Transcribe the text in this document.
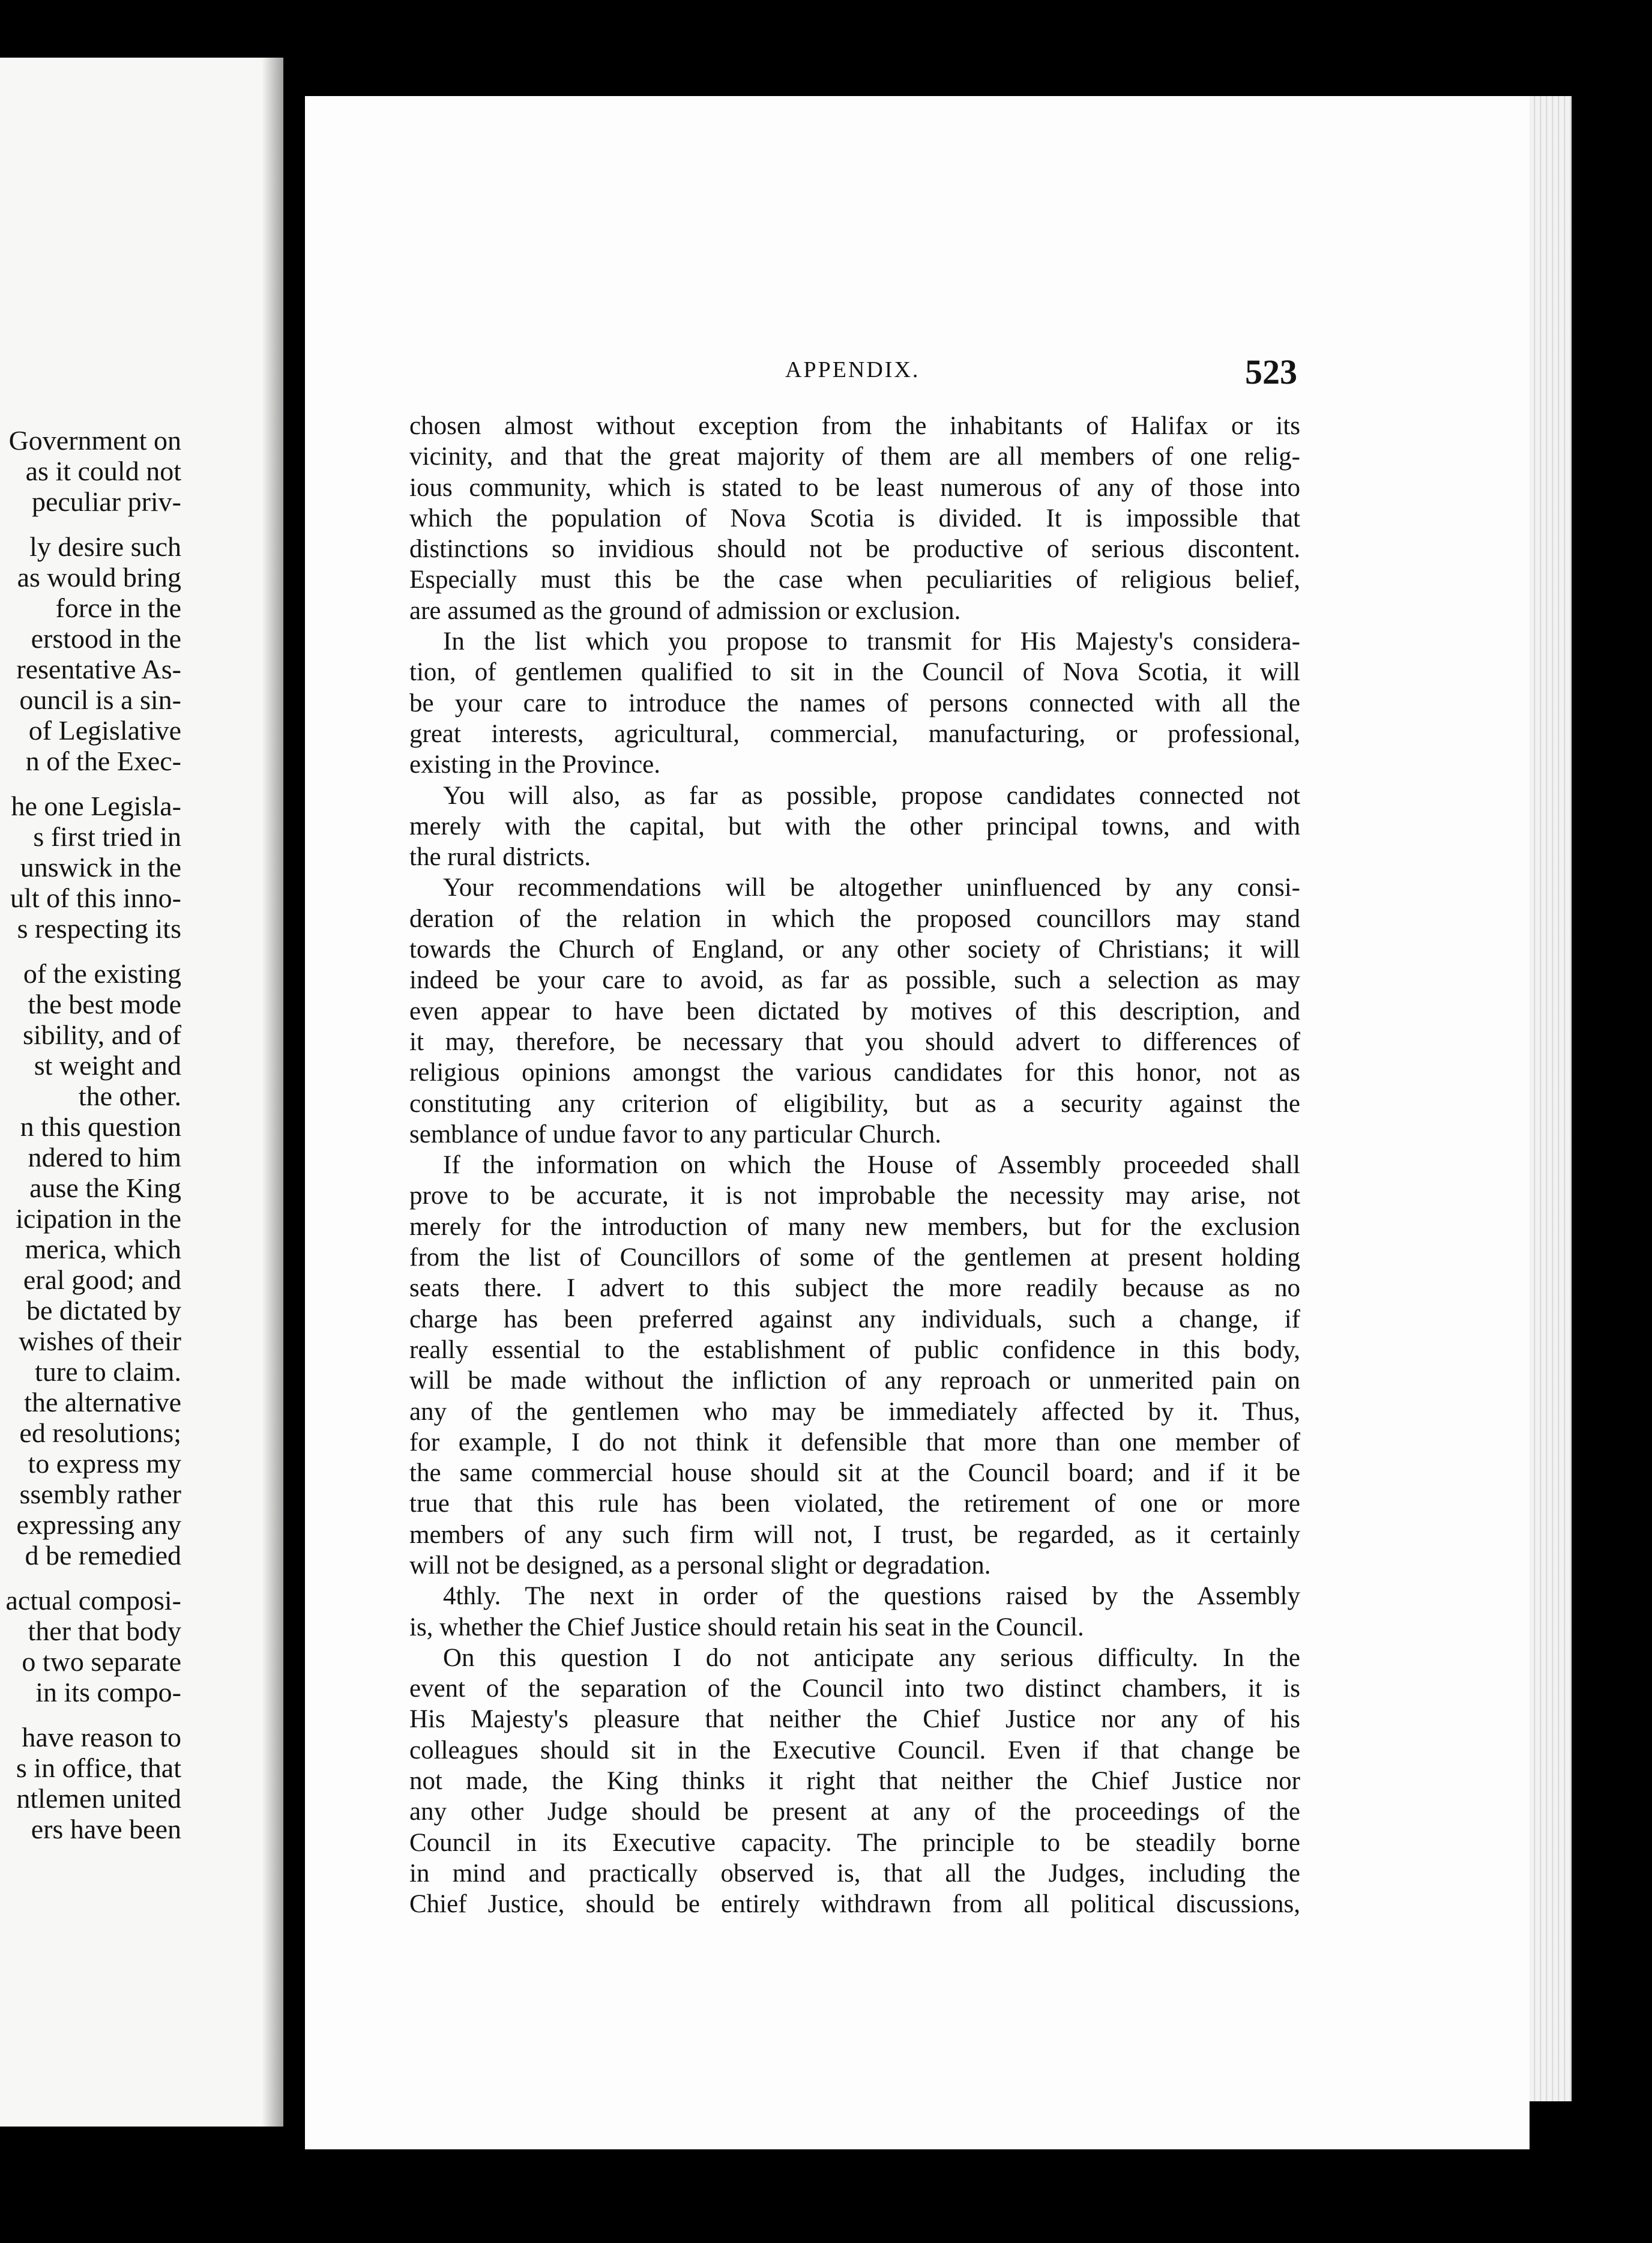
Government on
as it could not
peculiar priv-
ly desire such
as would bring
force in the
erstood in the
resentative As-
ouncil is a sin-
of Legislative
n of the Exec-
he one Legisla-
s first tried in
unswick in the
ult of this inno-
s respecting its
of the existing
the best mode
sibility, and of
st weight and
the other.
n this question
ndered to him
ause the King
icipation in the
merica, which
eral good; and
be dictated by
wishes of their
ture to claim.
the alternative
ed resolutions;
to express my
ssembly rather
expressing any
d be remedied
actual composi-
ther that body
o two separate
in its compo-
have reason to
s in office, that
ntlemen united
ers have been
APPENDIX.	523
chosen almost without exception from the inhabitants of Halifax or its
vicinity, and that the great majority of them are all members of one relig-
ious community, which is stated to be least numerous of any of those into
which the population of Nova Scotia is divided. It is impossible that
distinctions so invidious should not be productive of serious discontent.
Especially must this be the case when peculiarities of religious belief,
are assumed as the ground of admission or exclusion.
In the list which you propose to transmit for His Majesty's considera-
tion, of gentlemen qualified to sit in the Council of Nova Scotia, it will
be your care to introduce the names of persons connected with all the
great interests, agricultural, commercial, manufacturing, or professional,
existing in the Province.
You will also, as far as possible, propose candidates connected not
merely with the capital, but with the other principal towns, and with
the rural districts.
Your recommendations will be altogether uninfluenced by any consi-
deration of the relation in which the proposed councillors may stand
towards the Church of England, or any other society of Christians; it will
indeed be your care to avoid, as far as possible, such a selection as may
even appear to have been dictated by motives of this description, and
it may, therefore, be necessary that you should advert to differences of
religious opinions amongst the various candidates for this honor, not as
constituting any criterion of eligibility, but as a security against the
semblance of undue favor to any particular Church.
If the information on which the House of Assembly proceeded shall
prove to be accurate, it is not improbable the necessity may arise, not
merely for the introduction of many new members, but for the exclusion
from the list of Councillors of some of the gentlemen at present holding
seats there. I advert to this subject the more readily because as no
charge has been preferred against any individuals, such a change, if
really essential to the establishment of public confidence in this body,
will be made without the infliction of any reproach or unmerited pain on
any of the gentlemen who may be immediately affected by it. Thus,
for example, I do not think it defensible that more than one member of
the same commercial house should sit at the Council board; and if it be
true that this rule has been violated, the retirement of one or more
members of any such firm will not, I trust, be regarded, as it certainly
will not be designed, as a personal slight or degradation.
4thly. The next in order of the questions raised by the Assembly
is, whether the Chief Justice should retain his seat in the Council.
On this question I do not anticipate any serious difficulty. In the
event of the separation of the Council into two distinct chambers, it is
His Majesty's pleasure that neither the Chief Justice nor any of his
colleagues should sit in the Executive Council. Even if that change be
not made, the King thinks it right that neither the Chief Justice nor
any other Judge should be present at any of the proceedings of the
Council in its Executive capacity. The principle to be steadily borne
in mind and practically observed is, that all the Judges, including the
Chief Justice, should be entirely withdrawn from all political discussions,
